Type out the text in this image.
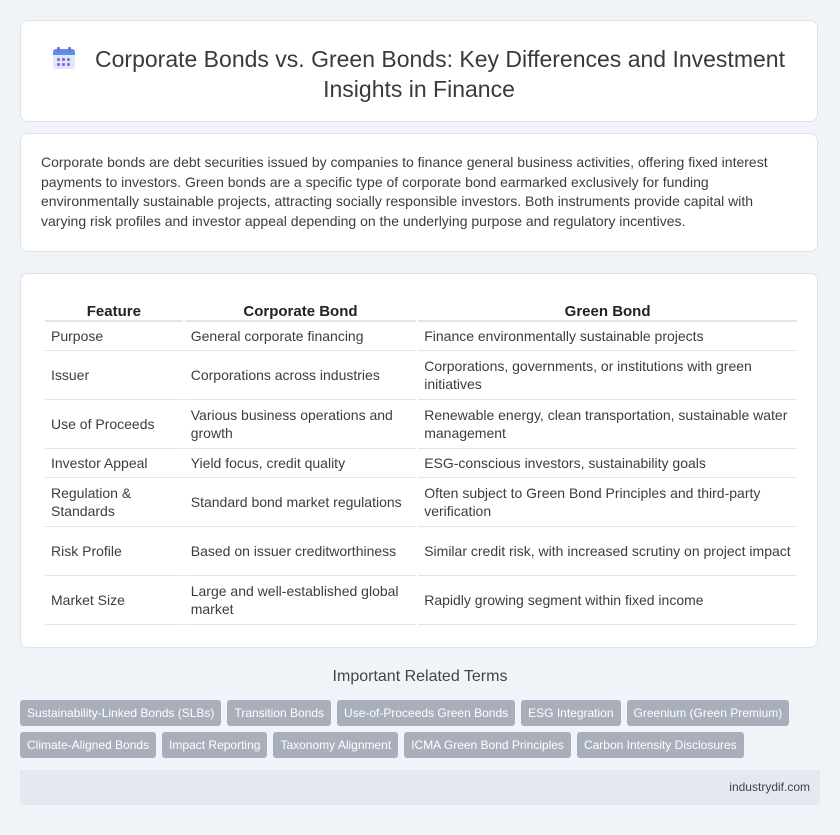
Corporate Bonds vs. Green Bonds: Key Differences and Investment Insights in Finance
Corporate bonds are debt securities issued by companies to finance general business activities, offering fixed interest payments to investors. Green bonds are a specific type of corporate bond earmarked exclusively for funding environmentally sustainable projects, attracting socially responsible investors. Both instruments provide capital with varying risk profiles and investor appeal depending on the underlying purpose and regulatory incentives.
Feature	Corporate Bond	Green Bond
Purpose	General corporate financing	Finance environmentally sustainable projects
Issuer	Corporations across industries	Corporations, governments, or institutions with green initiatives
Use of Proceeds	Various business operations and growth	Renewable energy, clean transportation, sustainable water management
Investor Appeal	Yield focus, credit quality	ESG-conscious investors, sustainability goals
Regulation & Standards	Standard bond market regulations	Often subject to Green Bond Principles and third-party verification
Risk Profile	Based on issuer creditworthiness	Similar credit risk, with increased scrutiny on project impact
Market Size	Large and well-established global market	Rapidly growing segment within fixed income
Important Related Terms
Sustainability-Linked Bonds (SLBs)	Transition Bonds	Use-of-Proceeds Green Bonds	ESG Integration	Greenium (Green Premium)
Climate-Aligned Bonds	Impact Reporting	Taxonomy Alignment	ICMA Green Bond Principles	Carbon Intensity Disclosures
industrydif.com
